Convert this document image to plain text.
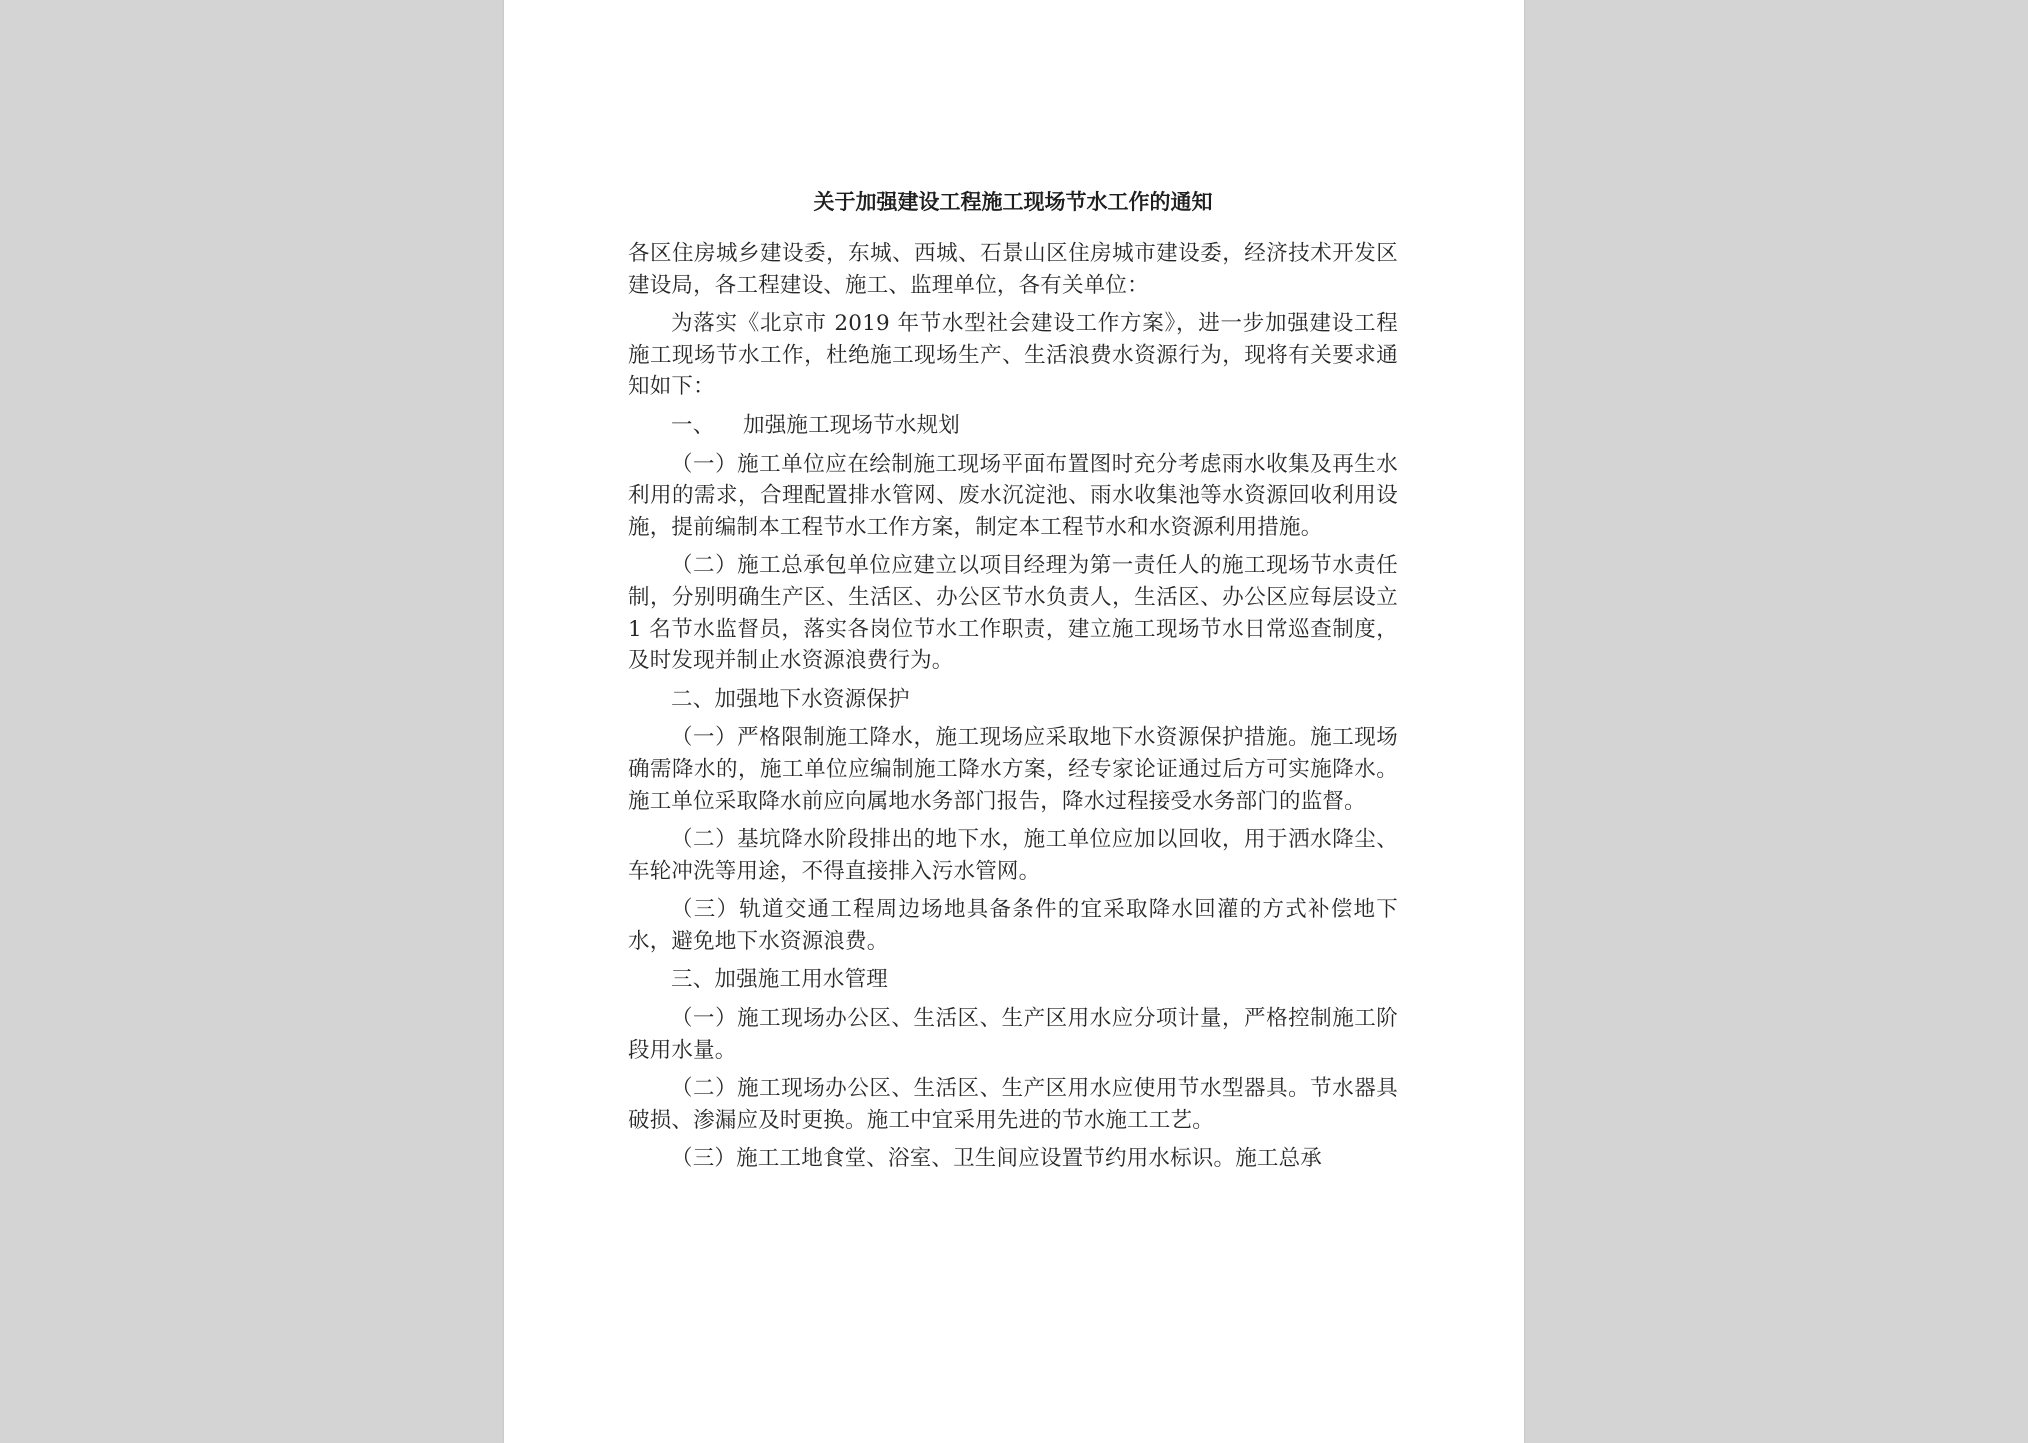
关于加强建设工程施工现场节水工作的通知

各区住房城乡建设委，东城、西城、石景山区住房城市建设委，经济技术开发区建设局，各工程建设、施工、监理单位，各有关单位：

为落实《北京市 2019 年节水型社会建设工作方案》，进一步加强建设工程施工现场节水工作，杜绝施工现场生产、生活浪费水资源行为，现将有关要求通知如下：

一、 加强施工现场节水规划

（一）施工单位应在绘制施工现场平面布置图时充分考虑雨水收集及再生水利用的需求，合理配置排水管网、废水沉淀池、雨水收集池等水资源回收利用设施，提前编制本工程节水工作方案，制定本工程节水和水资源利用措施。

（二）施工总承包单位应建立以项目经理为第一责任人的施工现场节水责任制，分别明确生产区、生活区、办公区节水负责人，生活区、办公区应每层设立 1 名节水监督员，落实各岗位节水工作职责，建立施工现场节水日常巡查制度，及时发现并制止水资源浪费行为。

二、加强地下水资源保护

（一）严格限制施工降水，施工现场应采取地下水资源保护措施。施工现场确需降水的，施工单位应编制施工降水方案，经专家论证通过后方可实施降水。施工单位采取降水前应向属地水务部门报告，降水过程接受水务部门的监督。

（二）基坑降水阶段排出的地下水，施工单位应加以回收，用于洒水降尘、车轮冲洗等用途，不得直接排入污水管网。

（三）轨道交通工程周边场地具备条件的宜采取降水回灌的方式补偿地下水，避免地下水资源浪费。

三、加强施工用水管理

（一）施工现场办公区、生活区、生产区用水应分项计量，严格控制施工阶段用水量。

（二）施工现场办公区、生活区、生产区用水应使用节水型器具。节水器具破损、渗漏应及时更换。施工中宜采用先进的节水施工工艺。

（三）施工工地食堂、浴室、卫生间应设置节约用水标识。施工总承
